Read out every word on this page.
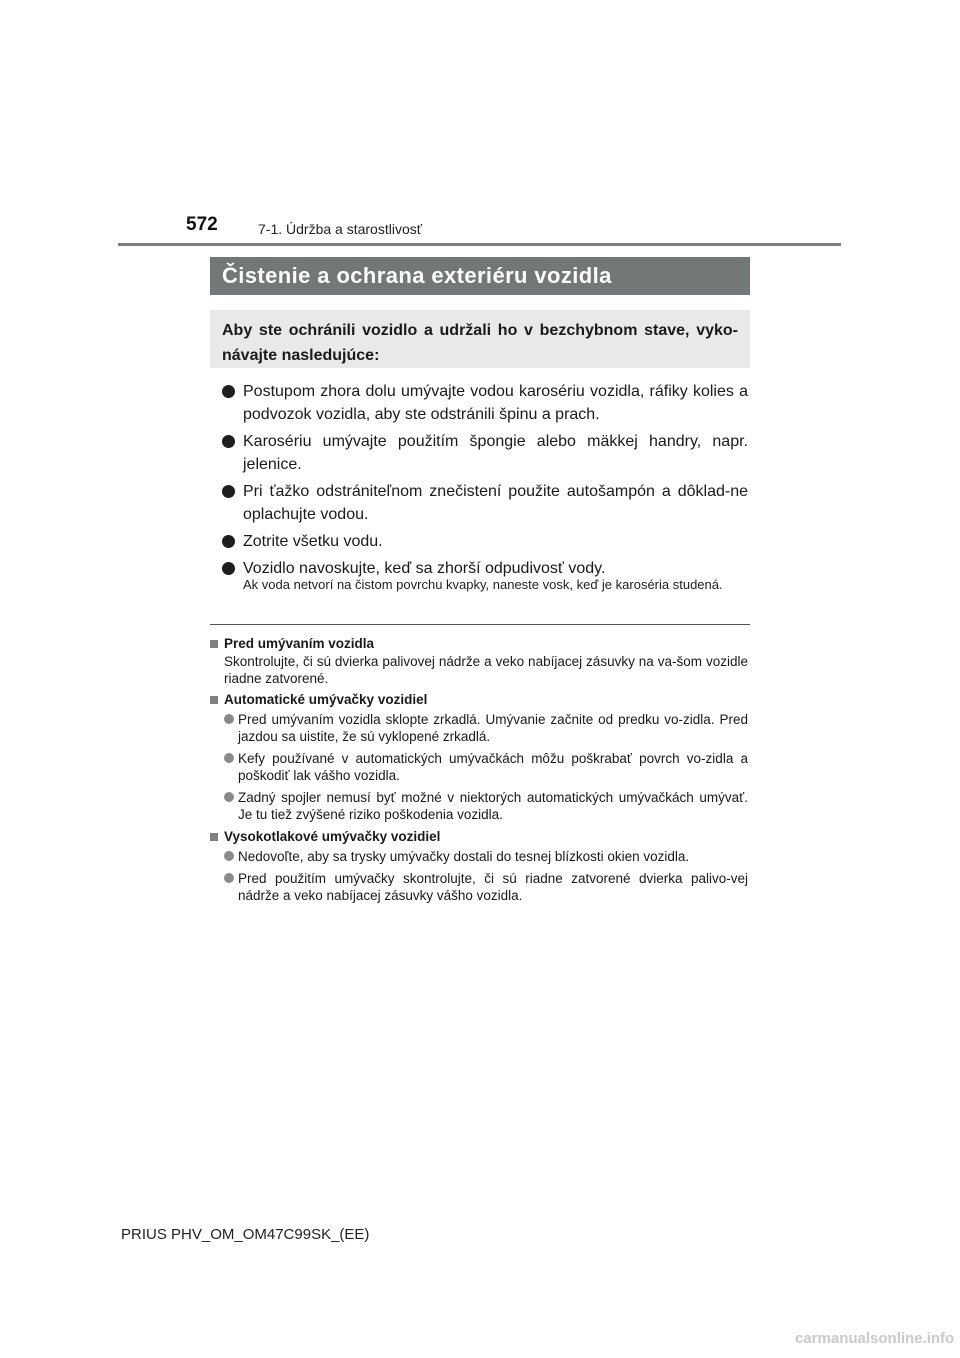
572	7-1. Údržba a starostlivosť
Čistenie a ochrana exteriéru vozidla
Aby ste ochránili vozidlo a udržali ho v bezchybnom stave, vyko-návajte nasledujúce:
Postupom zhora dolu umývajte vodou karosériu vozidla, ráfiky kolies a podvozok vozidla, aby ste odstránili špinu a prach.
Karosériu umývajte použitím špongie alebo mäkkej handry, napr. jelenice.
Pri ťažko odstrániteľnom znečistení použite autošampón a dôklad-ne oplachujte vodou.
Zotrite všetku vodu.
Vozidlo navoskujte, keď sa zhorší odpudivosť vody.
Ak voda netvorí na čistom povrchu kvapky, naneste vosk, keď je karoséria studená.
Pred umývaním vozidla
Skontrolujte, či sú dvierka palivovej nádrže a veko nabíjacej zásuvky na va-šom vozidle riadne zatvorené.
Automatické umývačky vozidiel
Pred umývaním vozidla sklopte zrkadlá. Umývanie začnite od predku vo-zidla. Pred jazdou sa uistite, že sú vyklopené zrkadlá.
Kefy používané v automatických umývačkách môžu poškrabať povrch vo-zidla a poškodiť lak vášho vozidla.
Zadný spojler nemusí byť možné v niektorých automatických umývačkách umývať. Je tu tiež zvýšené riziko poškodenia vozidla.
Vysokotlakové umývačky vozidiel
Nedovoľte, aby sa trysky umývačky dostali do tesnej blízkosti okien vozidla.
Pred použitím umývačky skontrolujte, či sú riadne zatvorené dvierka palivo-vej nádrže a veko nabíjacej zásuvky vášho vozidla.
PRIUS PHV_OM_OM47C99SK_(EE)
carmanualsonline.info
